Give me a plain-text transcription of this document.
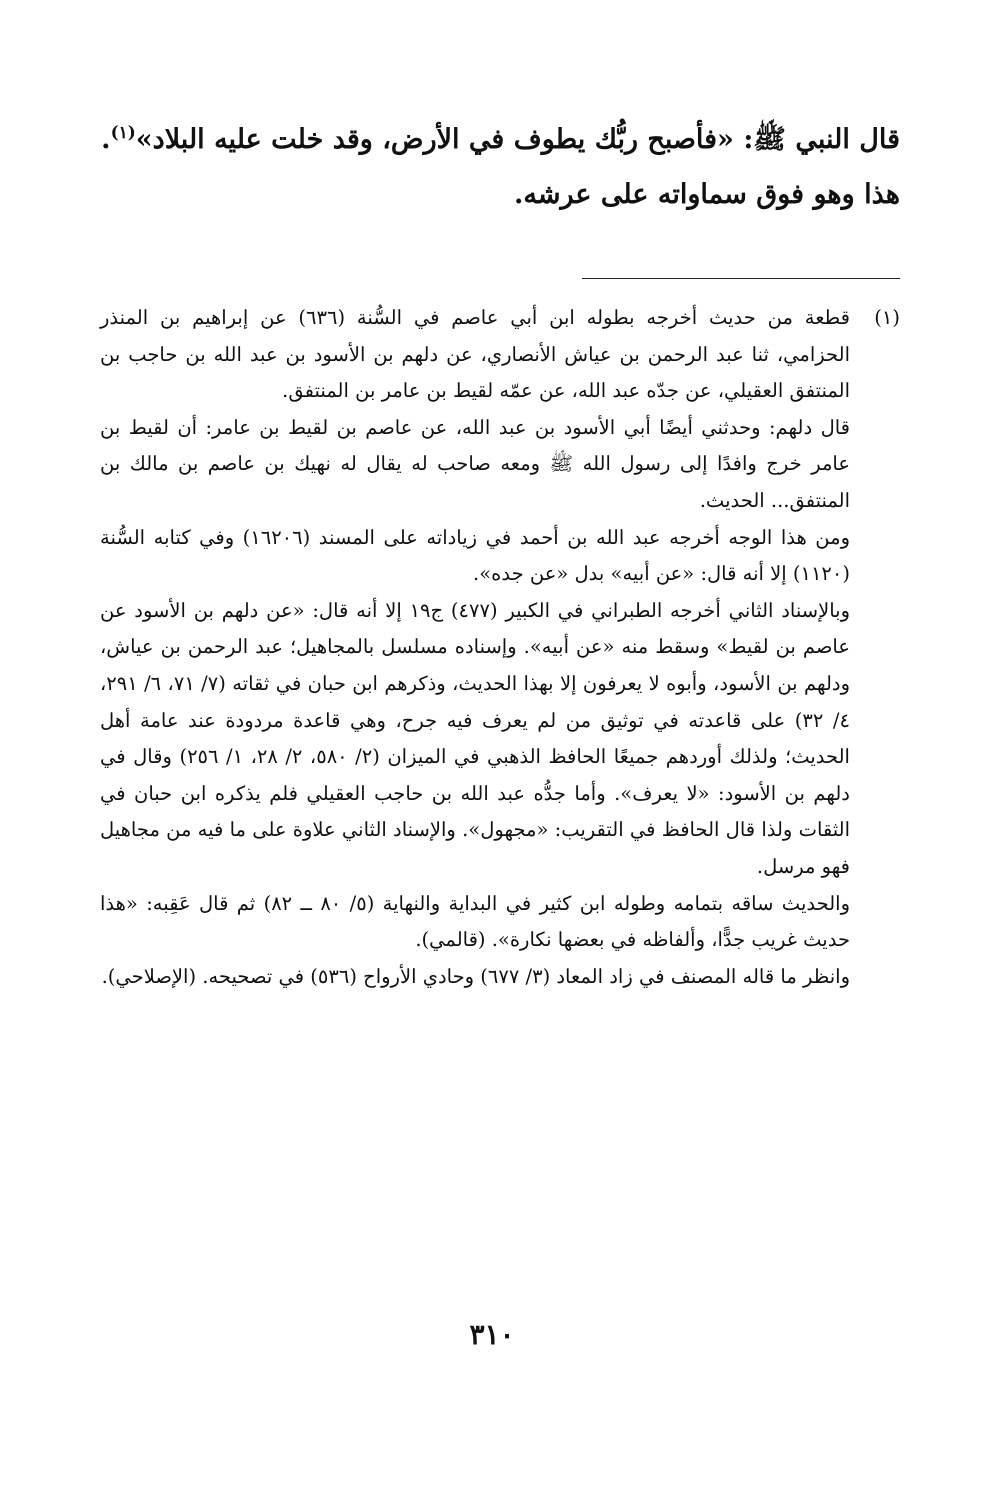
قال النبي ﷺ: «فأصبح ربُّك يطوف في الأرض، وقد خلت عليه البلاد»$^{(١)}$.

هذا وهو فوق سماواته على عرشه.

(١)

قطعة من حديث أخرجه بطوله ابن أبي عاصم في السُّنة (٦٣٦) عن إبراهيم بن المنذر الحزامي، ثنا عبد الرحمن بن عياش الأنصاري، عن دلهم بن الأسود بن عبد الله بن حاجب بن المنتفق العقيلي، عن جدّه عبد الله، عن عمّه لقيط بن عامر بن المنتفق.

قال دلهم: وحدثني أيضًا أبي الأسود بن عبد الله، عن عاصم بن لقيط بن عامر: أن لقيط بن عامر خرج وافدًا إلى رسول الله ﷺ ومعه صاحب له يقال له نهيك بن عاصم بن مالك بن المنتفق... الحديث.

ومن هذا الوجه أخرجه عبد الله بن أحمد في زياداته على المسند (١٦٢٠٦) وفي كتابه السُّنة (١١٢٠) إلا أنه قال: «عن أبيه» بدل «عن جده».

وبالإسناد الثاني أخرجه الطبراني في الكبير (٤٧٧) ج١٩ إلا أنه قال: «عن دلهم بن الأسود عن عاصم بن لقيط» وسقط منه «عن أبيه». وإسناده مسلسل بالمجاهيل؛ عبد الرحمن بن عياش، ودلهم بن الأسود، وأبوه لا يعرفون إلا بهذا الحديث، وذكرهم ابن حبان في ثقاته (٧/ ٧١، ٦/ ٢٩١، ٤/ ٣٢) على قاعدته في توثيق من لم يعرف فيه جرح، وهي قاعدة مردودة عند عامة أهل الحديث؛ ولذلك أوردهم جميعًا الحافظ الذهبي في الميزان (٢/ ٥٨٠، ٢/ ٢٨، ١/ ٢٥٦) وقال في دلهم بن الأسود: «لا يعرف». وأما جدُّه عبد الله بن حاجب العقيلي فلم يذكره ابن حبان في الثقات ولذا قال الحافظ في التقريب: «مجهول». والإسناد الثاني علاوة على ما فيه من مجاهيل فهو مرسل.

والحديث ساقه بتمامه وطوله ابن كثير في البداية والنهاية (٥/ ٨٠ ــ ٨٢) ثم قال عَقِبه: «هذا حديث غريب جدًّا، وألفاظه في بعضها نكارة». (قالمي).

وانظر ما قاله المصنف في زاد المعاد (٣/ ٦٧٧) وحادي الأرواح (٥٣٦) في تصحيحه. (الإصلاحي).

٣١٠
